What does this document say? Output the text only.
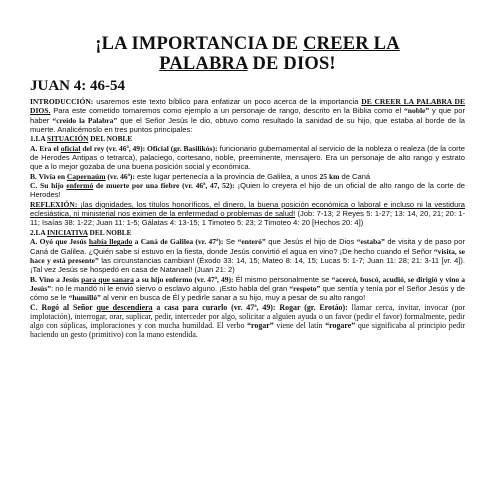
¡LA IMPORTANCIA DE CREER LA
PALABRA DE DIOS!
JUAN 4: 46-54

INTRODUCCIÓN: usaremos este texto bíblico para enfatizar un poco acerca de la importancia DE CREER LA PALABRA DE DIOS. Para este cometido tomaremos como ejemplo a un personaje de rango, descrito en la Biblia como el “noble” y que por haber “creído la Palabra” que el Señor Jesús le dio, obtuvo como resultado la sanidad de su hijo, que estaba al borde de la muerte. Analicémoslo en tres puntos principales:

1.LA SITUACIÓN DEL NOBLE

A. Era el oficial del rey (vr. 46ª, 49): Oficial (gr. Basilikós): funcionario gubernamental al servicio de la nobleza o realeza (de la corte de Herodes Antipas o tetrarca), palaciego, cortesano, noble, preeminente, mensajero. Era un personaje de alto rango y estrato que a lo mejor gozaba de una buena posición social y económica.

B. Vivía en Capernaúm (vr. 46ª): este lugar pertenecía a la provincia de Galilea, a unos 25 km de Caná

C. Su hijo enfermó de muerte por una fiebre (vr. 46ª, 47, 52): ¡Quien lo creyera el hijo de un oficial de alto rango de la corte de Herodes!

REFLEXIÓN: ¡las dignidades, los títulos honoríficos, el dinero, la buena posición económica o laboral e incluso ni la vestidura eclesiástica, ni ministerial nos eximen de la enfermedad o problemas de salud! (Job: 7-13; 2 Reyes 5: 1-27; 13: 14, 20, 21; 20: 1-11; Isaías 38: 1-22; Juan 11: 1-5; Gálatas 4: 13-15; 1 Timoteo 5: 23; 2 Timoteo 4: 20 [Hechos 20: 4])

2.LA INICIATIVA DEL NOBLE

A. Oyó que Jesús había llegado a Caná de Galilea (vr. 47ª): Se “enteró” que Jesús el hijo de Dios “estaba” de visita y de paso por Caná de Galilea. ¿Quién sabe si estuvo en la fiesta, donde Jesús convirtió el agua en vino? ¡De hecho cuando el Señor “visita, se hace y está presente” las circunstancias cambian! (Éxodo 33: 14, 15; Mateo 8: 14, 15; Lucas 5: 1-7; Juan 11: 28; 21: 3-11 [vr. 4]). ¡Tal vez Jesús se hospedó en casa de Natanael! (Juan 21: 2)

B. Vino a Jesús para que sanara a su hijo enfermo (vr. 47ª, 49): Él mismo personalmente se “acercó, buscó, acudió, se dirigió y vino a Jesús”: no le mandó ni le envió siervo o esclavo alguno. ¡Esto habla del gran “respeto” que sentía y tenía por el Señor Jesús y de cómo se le “humilló” al venir en busca de Él y pedirle sanar a su hijo, muy a pesar de su alto rango!

C. Rogó al Señor que descendiera a casa para curarlo (vr. 47ª, 49): Rogar (gr. Erotáo): llamar cerca, invitar, invocar (por implotación), interrogar, orar, suplicar, pedir, interceder por algo, solicitar a alguien ayuda o un favor (pedir el favor) formalmente, pedir algo con súplicas, imploraciones y con mucha humildad. El verbo “rogar” viene del latín “rogare” que significaba al principio pedir haciendo un gesto (primitivo) con la mano estendida.
